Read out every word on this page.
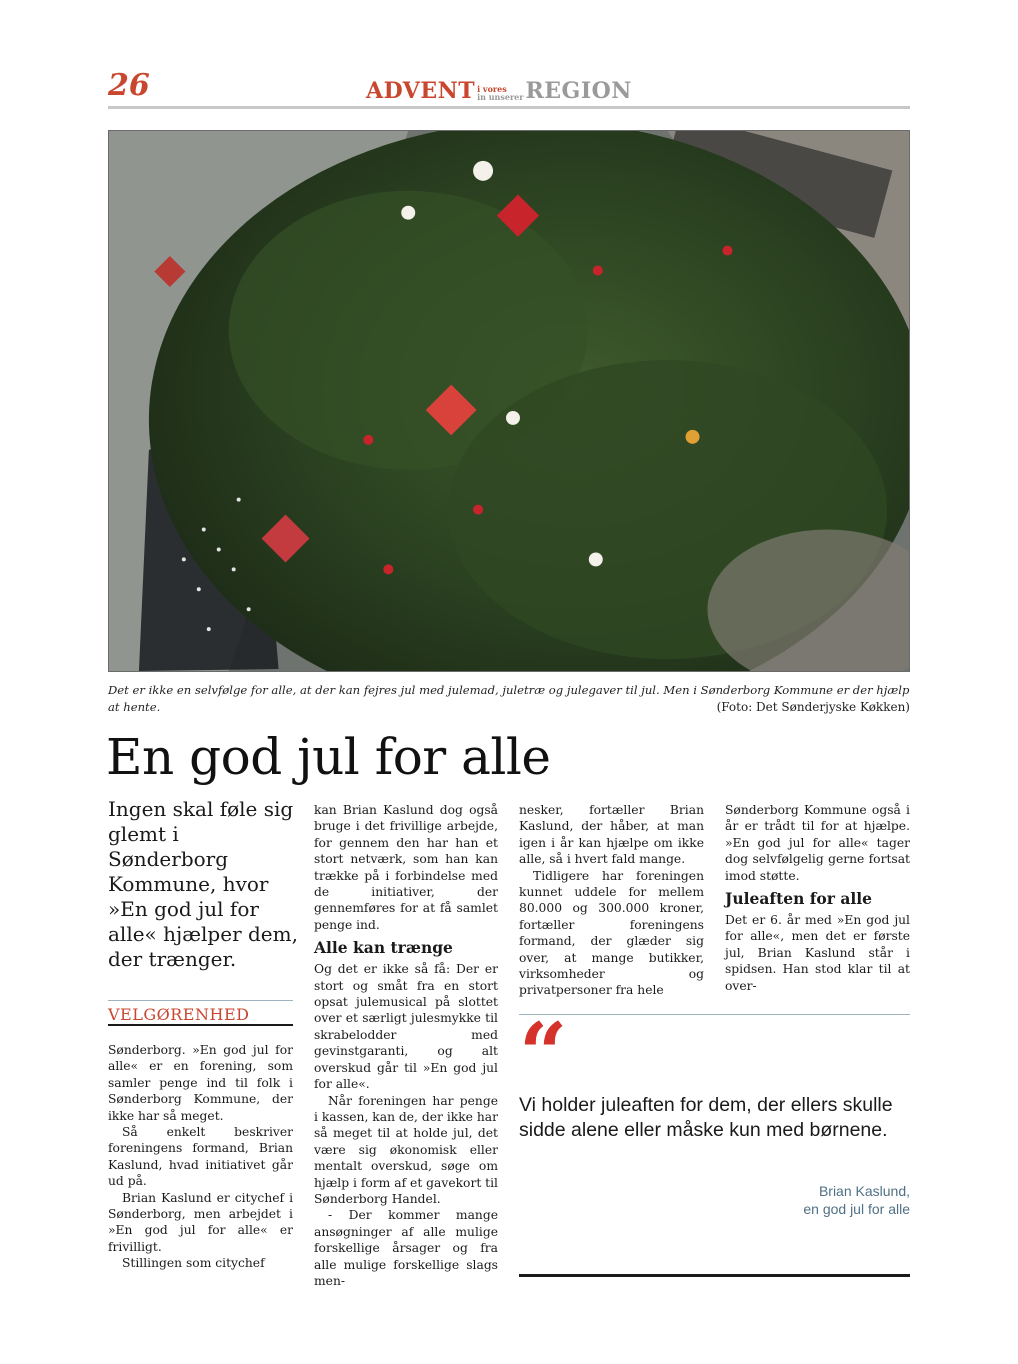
26	ADVENT i vores
in unserer REGION
Det er ikke en selvfølge for alle, at der kan fejres jul med julemad, juletræ og julegaver til jul. Men i Sønderborg Kommune er der hjælp at hente.	(Foto: Det Sønderjyske Køkken)
En god jul for alle
Ingen skal føle sig glemt i Sønderborg Kommune, hvor »En god jul for alle« hjælper dem, der trænger.
VELGØRENHED

Sønderborg. »En god jul for alle« er en forening, som samler penge ind til folk i Sønderborg Kommune, der ikke har så meget.

Så enkelt beskriver foreningens formand, Brian Kaslund, hvad initiativet går ud på.

Brian Kaslund er citychef i Sønderborg, men arbejdet i »En god jul for alle« er frivilligt.

Stillingen som citychef

kan Brian Kaslund dog også bruge i det frivillige arbejde, for gennem den har han et stort netværk, som han kan trække på i forbindelse med de initiativer, der gennemføres for at få samlet penge ind.

Alle kan trænge

Og det er ikke så få: Der er stort og småt fra en stort opsat julemusical på slottet over et særligt julesmykke til skrabelodder med gevinstgaranti, og alt overskud går til »En god jul for alle«.

Når foreningen har penge i kassen, kan de, der ikke har så meget til at holde jul, det være sig økonomisk eller mentalt overskud, søge om hjælp i form af et gavekort til Sønderborg Handel.

- Der kommer mange ansøgninger af alle mulige forskellige årsager og fra alle mulige forskellige slags men-

nesker, fortæller Brian Kaslund, der håber, at man igen i år kan hjælpe om ikke alle, så i hvert fald mange.

Tidligere har foreningen kunnet uddele for mellem 80.000 og 300.000 kroner, fortæller foreningens formand, der glæder sig over, at mange butikker, virksomheder og privatpersoner fra hele

Sønderborg Kommune også i år er trådt til for at hjælpe. »En god jul for alle« tager dog selvfølgelig gerne fortsat imod støtte.

Juleaften for alle

Det er 6. år med »En god jul for alle«, men det er første jul, Brian Kaslund står i spidsen. Han stod klar til at over-

“
Vi holder juleaften for dem, der ellers skulle sidde alene eller måske kun med børnene.
Brian Kaslund,
en god jul for alle
